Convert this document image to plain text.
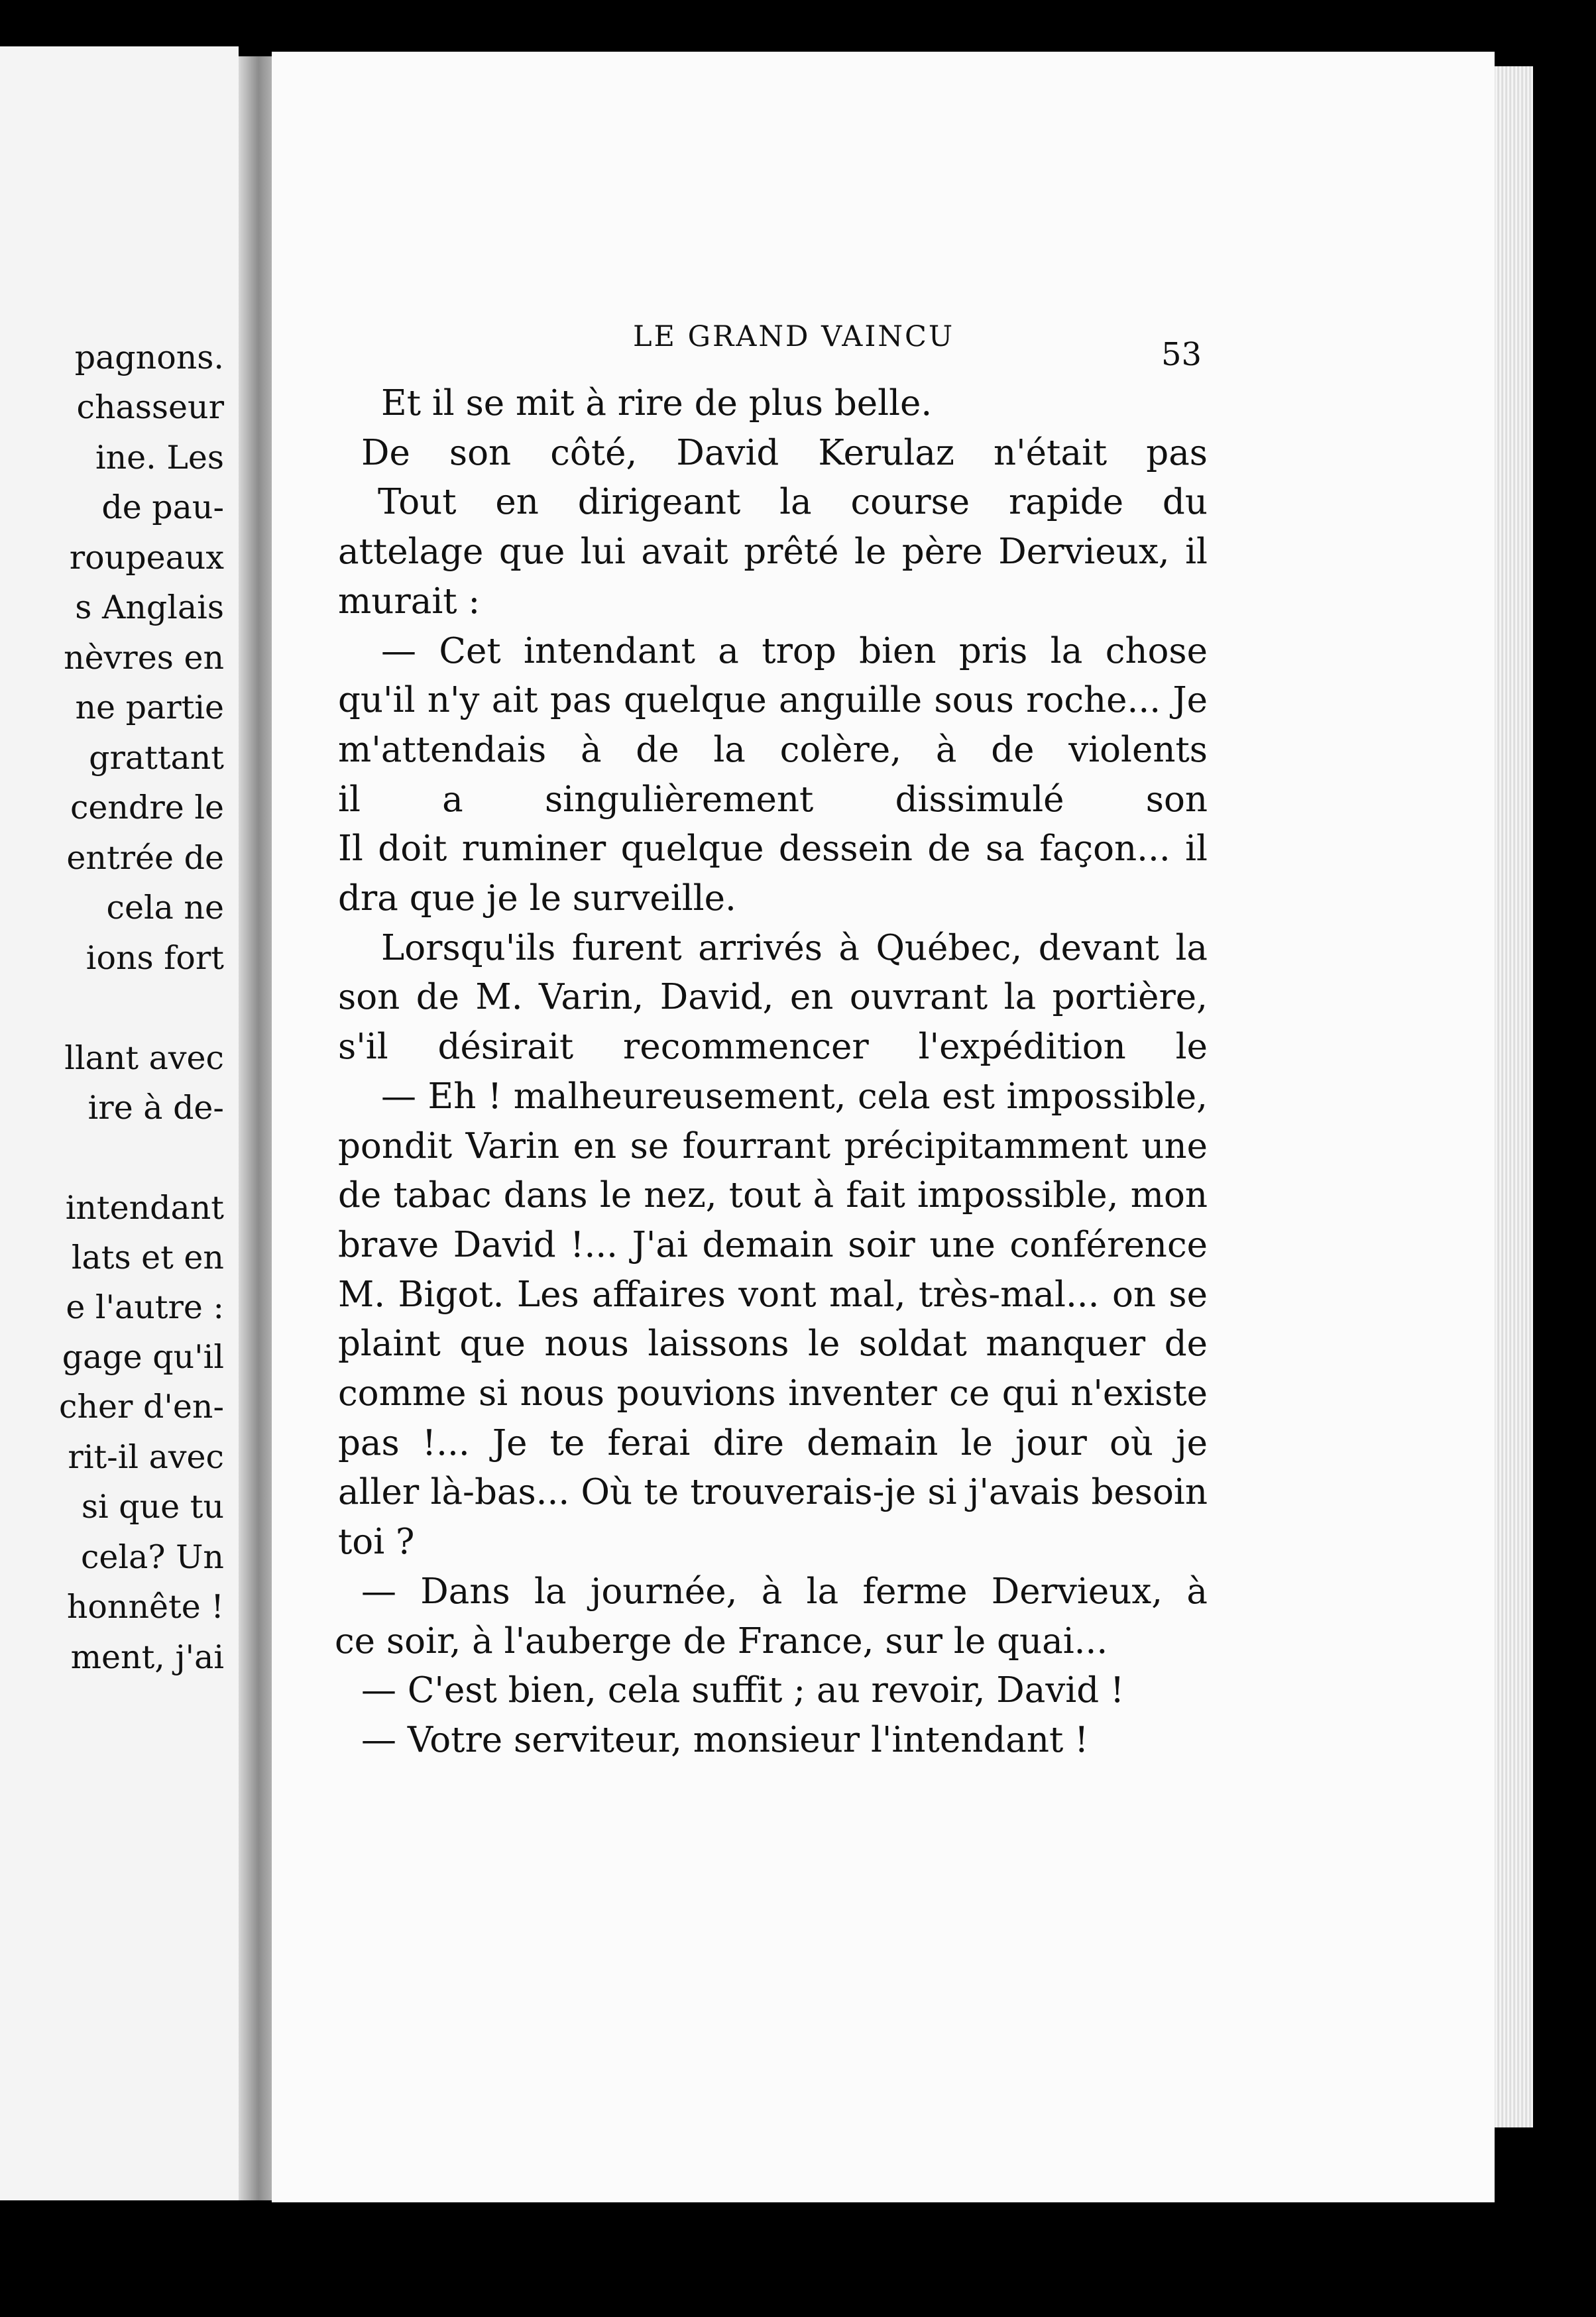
pagnons.
chasseur
ine. Les
de pau-
roupeaux
s Anglais
nèvres en
ne partie
grattant
cendre le
entrée de
cela ne
ions fort
llant avec
ire à de-
intendant
lats et en
e l'autre :
gage qu'il
cher d'en-
rit-il avec
si que tu
cela? Un
honnête !
ment, j'ai
LE GRAND VAINCU	53
Et il se mit à rire de plus belle.
De son côté, David Kerulaz n'était pas
Tout en dirigeant la course rapide du
attelage que lui avait prêté le père Dervieux, il
murait :
— Cet intendant a trop bien pris la chose
qu'il n'y ait pas quelque anguille sous roche... Je
m'attendais à de la colère, à de violents
il a singulièrement dissimulé son
Il doit ruminer quelque dessein de sa façon... il
dra que je le surveille.
Lorsqu'ils furent arrivés à Québec, devant la
son de M. Varin, David, en ouvrant la portière,
s'il désirait recommencer l'expédition le
— Eh ! malheureusement, cela est impossible,
pondit Varin en se fourrant précipitamment une
de tabac dans le nez, tout à fait impossible, mon
brave David !... J'ai demain soir une conférence
M. Bigot. Les affaires vont mal, très-mal... on se
plaint que nous laissons le soldat manquer de
comme si nous pouvions inventer ce qui n'existe
pas !... Je te ferai dire demain le jour où je
aller là-bas... Où te trouverais-je si j'avais besoin
toi ?
— Dans la journée, à la ferme Dervieux, à
ce soir, à l'auberge de France, sur le quai...
— C'est bien, cela suffit ; au revoir, David !
— Votre serviteur, monsieur l'intendant !
